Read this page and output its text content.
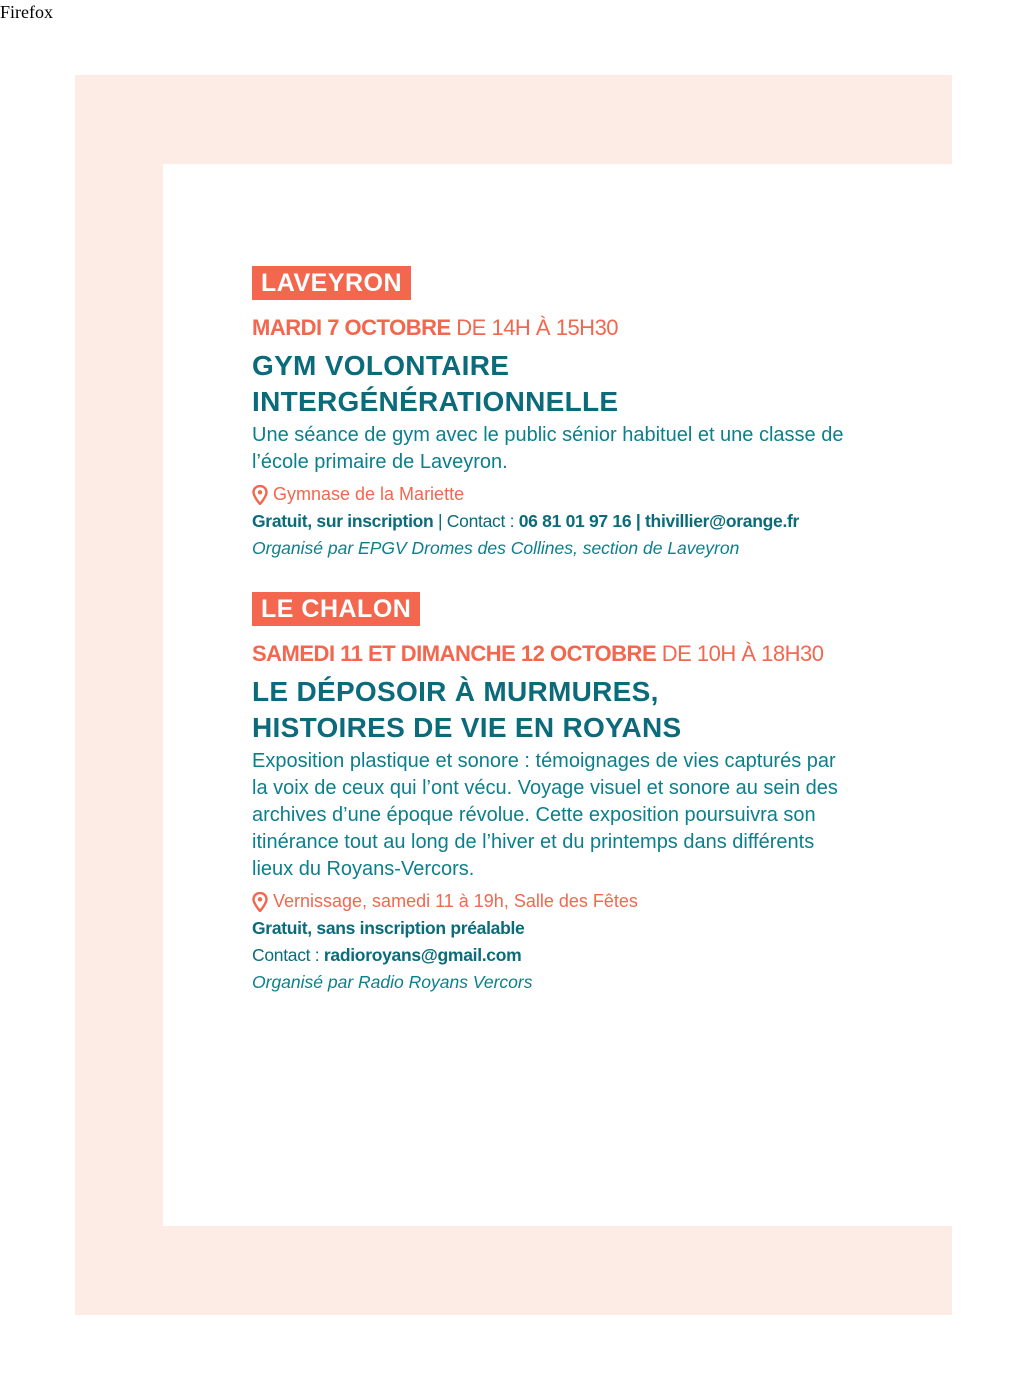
Firefox
LAVEYRON
MARDI 7 OCTOBRE DE 14H À 15H30
GYM VOLONTAIRE
INTERGÉNÉRATIONNELLE
Une séance de gym avec le public sénior habituel et une classe de l’école primaire de Laveyron.
Gymnase de la Mariette
Gratuit, sur inscription | Contact : 06 81 01 97 16 | thivillier@orange.fr
Organisé par EPGV Dromes des Collines, section de Laveyron
LE CHALON
SAMEDI 11 ET DIMANCHE 12 OCTOBRE DE 10H À 18H30
LE DÉPOSOIR À MURMURES,
HISTOIRES DE VIE EN ROYANS
Exposition plastique et sonore : témoignages de vies capturés par la voix de ceux qui l’ont vécu. Voyage visuel et sonore au sein des archives d’une époque révolue. Cette exposition poursuivra son itinérance tout au long de l’hiver et du printemps dans différents lieux du Royans-Vercors.
Vernissage, samedi 11 à 19h, Salle des Fêtes
Gratuit, sans inscription préalable
Contact : radioroyans@gmail.com
Organisé par Radio Royans Vercors
